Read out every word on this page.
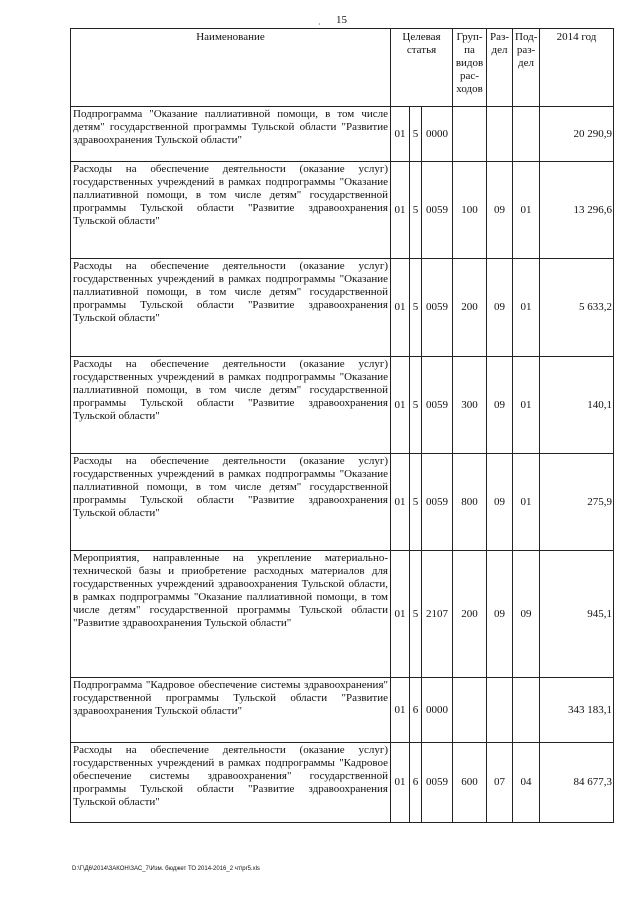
15
·
Наименование	Целевая статья			Груп-па видов рас-ходов	Раз-дел	Под-раз-дел	2014 год
Подпрограмма "Оказание паллиативной помощи, в том числе детям" государственной программы Тульской области "Развитие здравоохранения Тульской области"	01	5	0000				20 290,9
Расходы на обеспечение деятельности (оказание услуг) государственных учреждений в рамках подпрограммы "Оказание паллиативной помощи, в том числе детям" государственной программы Тульской области "Развитие здравоохранения Тульской области"	01	5	0059	100	09	01	13 296,6
Расходы на обеспечение деятельности (оказание услуг) государственных учреждений в рамках подпрограммы "Оказание паллиативной помощи, в том числе детям" государственной программы Тульской области "Развитие здравоохранения Тульской области"	01	5	0059	200	09	01	5 633,2
Расходы на обеспечение деятельности (оказание услуг) государственных учреждений в рамках подпрограммы "Оказание паллиативной помощи, в том числе детям" государственной программы Тульской области "Развитие здравоохранения Тульской области"	01	5	0059	300	09	01	140,1
Расходы на обеспечение деятельности (оказание услуг) государственных учреждений в рамках подпрограммы "Оказание паллиативной помощи, в том числе детям" государственной программы Тульской области "Развитие здравоохранения Тульской области"	01	5	0059	800	09	01	275,9
Мероприятия, направленные на укрепление материально-технической базы и приобретение расходных материалов для государственных учреждений здравоохранения Тульской области, в рамках подпрограммы "Оказание паллиативной помощи, в том числе детям" государственной программы Тульской области "Развитие здравоохранения Тульской области"	01	5	2107	200	09	09	945,1
Подпрограмма "Кадровое обеспечение системы здравоохранения" государственной программы Тульской области "Развитие здравоохранения Тульской области"	01	6	0000				343 183,1
Расходы на обеспечение деятельности (оказание услуг) государственных учреждений в рамках подпрограммы "Кадровое обеспечение системы здравоохранения" государственной программы Тульской области "Развитие здравоохранения Тульской области"	01	6	0059	600	07	04	84 677,3
D:\Г\Д6\2014\ЗАКОН\ЗАС_7\Изм. бюджет ТО 2014-2016_2 чт\pr5.xls
